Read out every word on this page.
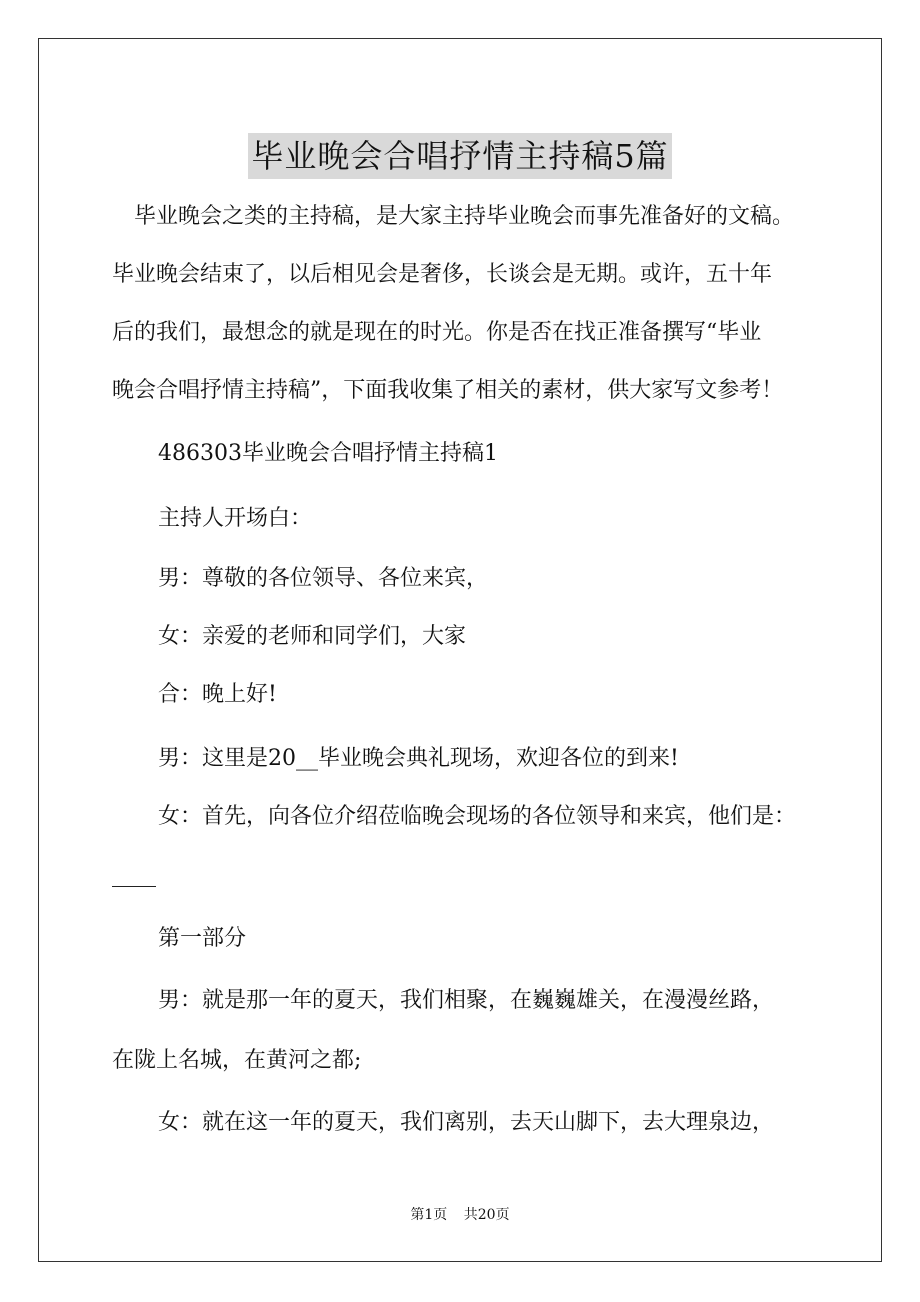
毕业晚会合唱抒情主持稿5篇

毕业晚会之类的主持稿，是大家主持毕业晚会而事先准备好的文稿。
毕业晚会结束了，以后相见会是奢侈，长谈会是无期。或许，五十年
后的我们，最想念的就是现在的时光。你是否在找正准备撰写“毕业
晚会合唱抒情主持稿”，下面我收集了相关的素材，供大家写文参考！

486303毕业晚会合唱抒情主持稿1

主持人开场白：

男：尊敬的各位领导、各位来宾，

女：亲爱的老师和同学们，大家

合：晚上好!

男：这里是20__毕业晚会典礼现场，欢迎各位的到来!

女：首先，向各位介绍莅临晚会现场的各位领导和来宾，他们是：

第一部分

男：就是那一年的夏天，我们相聚，在巍巍雄关，在漫漫丝路，

在陇上名城，在黄河之都;

女：就在这一年的夏天，我们离别，去天山脚下，去大理泉边，

第1页 共20页
